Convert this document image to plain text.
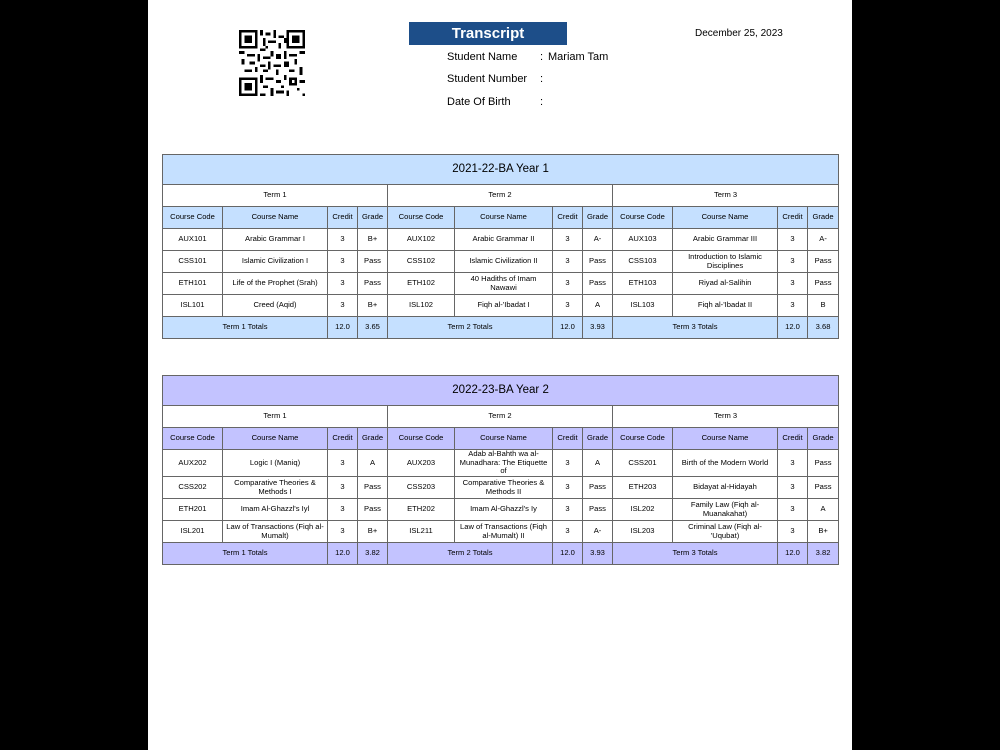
Transcript	December 25, 2023
Student Name : Mariam Tam
Student Number :
Date Of Birth	:
2021-22-BA Year 1											
Term 1				Term 2				Term 3			
Course Code	Course Name	Credit	Grade	Course Code	Course Name	Credit	Grade	Course Code	Course Name	Credit	Grade
AUX101	Arabic Grammar I	3	B+	AUX102	Arabic Grammar II	3	A-	AUX103	Arabic Grammar III	3	A-
CSS101	Islamic Civilization I	3	Pass	CSS102	Islamic Civilization II	3	Pass	CSS103	Introduction to Islamic Disciplines	3	Pass
ETH101	Life of the Prophet (Srah)	3	Pass	ETH102	40 Hadiths of Imam Nawawi	3	Pass	ETH103	Riyad al-Salihin	3	Pass
ISL101	Creed (Aqid)	3	B+	ISL102	Fiqh al-'Ibadat I	3	A	ISL103	Fiqh al-'Ibadat II	3	B
Term 1 Totals		12.0	3.65	Term 2 Totals		12.0	3.93	Term 3 Totals		12.0	3.68
2022-23-BA Year 2											
Term 1				Term 2				Term 3			
Course Code	Course Name	Credit	Grade	Course Code	Course Name	Credit	Grade	Course Code	Course Name	Credit	Grade
AUX202	Logic I (Maniq)	3	A	AUX203	Adab al-Bahth wa al-Munadhara: The Etiquette of	3	A	CSS201	Birth of the Modern World	3	Pass
CSS202	Comparative Theories & Methods I	3	Pass	CSS203	Comparative Theories & Methods II	3	Pass	ETH203	Bidayat al-Hidayah	3	Pass
ETH201	Imam Al-Ghazzl's Iyl	3	Pass	ETH202	Imam Al-Ghazzl's Iy	3	Pass	ISL202	Family Law (Fiqh al-Muanakahat)	3	A
ISL201	Law of Transactions (Fiqh al-Mumalt)	3	B+	ISL211	Law of Transactions (Fiqh al-Mumalt) II	3	A-	ISL203	Criminal Law (Fiqh al-'Uqubat)	3	B+
Term 1 Totals		12.0	3.82	Term 2 Totals		12.0	3.93	Term 3 Totals		12.0	3.82
